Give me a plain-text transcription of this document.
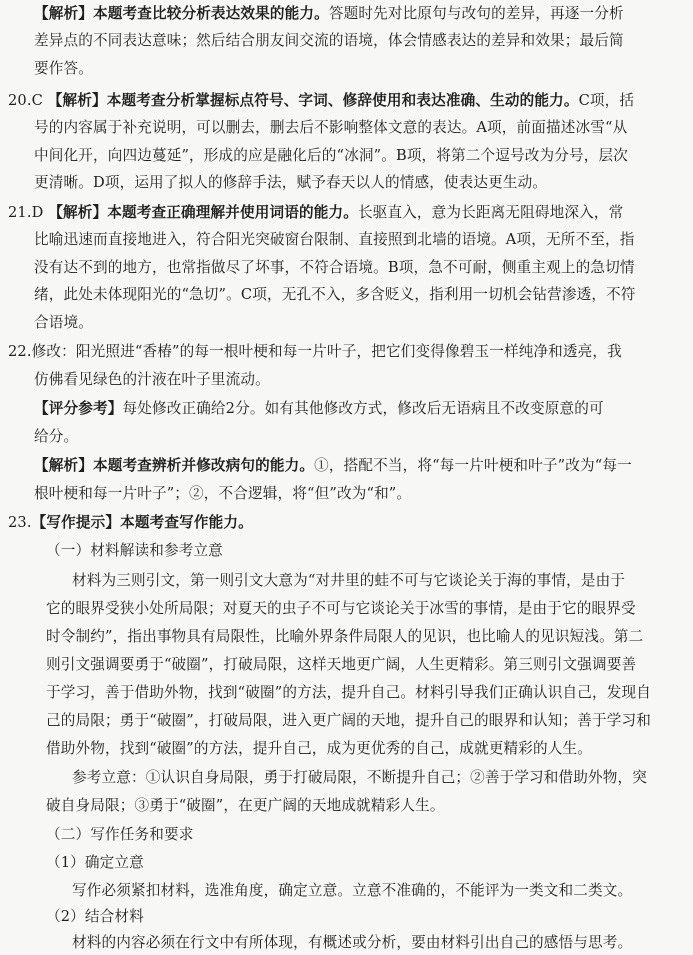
【解析】本题考查比较分析表达效果的能力。答题时先对比原句与改句的差异，再逐一分析
差异点的不同表达意味；然后结合朋友间交流的语境，体会情感表达的差异和效果；最后简
要作答。
20.C 【解析】本题考查分析掌握标点符号、字词、修辞使用和表达准确、生动的能力。C项，括
号的内容属于补充说明，可以删去，删去后不影响整体文意的表达。A项，前面描述冰雪“从
中间化开，向四边蔓延”，形成的应是融化后的“冰洞”。B项，将第二个逗号改为分号，层次
更清晰。D项，运用了拟人的修辞手法，赋予春天以人的情感，使表达更生动。
21.D 【解析】本题考查正确理解并使用词语的能力。长驱直入，意为长距离无阻碍地深入，常
比喻迅速而直接地进入，符合阳光突破窗台限制、直接照到北墙的语境。A项，无所不至，指
没有达不到的地方，也常指做尽了坏事，不符合语境。B项，急不可耐，侧重主观上的急切情
绪，此处未体现阳光的“急切”。C项，无孔不入，多含贬义，指利用一切机会钻营渗透，不符
合语境。
22.修改：阳光照进“香椿”的每一根叶梗和每一片叶子，把它们变得像碧玉一样纯净和透亮，我
仿佛看见绿色的汁液在叶子里流动。
【评分参考】每处修改正确给2分。如有其他修改方式，修改后无语病且不改变原意的可
给分。
【解析】本题考查辨析并修改病句的能力。①，搭配不当，将“每一片叶梗和叶子”改为“每一
根叶梗和每一片叶子”；②，不合逻辑，将“但”改为“和”。
23.【写作提示】本题考查写作能力。
（一）材料解读和参考立意
材料为三则引文，第一则引文大意为“对井里的蛙不可与它谈论关于海的事情，是由于
它的眼界受狭小处所局限；对夏天的虫子不可与它谈论关于冰雪的事情，是由于它的眼界受
时令制约”，指出事物具有局限性，比喻外界条件局限人的见识，也比喻人的见识短浅。第二
则引文强调要勇于“破圈”，打破局限，这样天地更广阔，人生更精彩。第三则引文强调要善
于学习，善于借助外物，找到“破圈”的方法，提升自己。材料引导我们正确认识自己，发现自
己的局限；勇于“破圈”，打破局限，进入更广阔的天地，提升自己的眼界和认知；善于学习和
借助外物，找到“破圈”的方法，提升自己，成为更优秀的自己，成就更精彩的人生。
参考立意：①认识自身局限，勇于打破局限，不断提升自己；②善于学习和借助外物，突
破自身局限；③勇于“破圈”，在更广阔的天地成就精彩人生。
（二）写作任务和要求
（1）确定立意
写作必须紧扣材料，选准角度，确定立意。立意不准确的，不能评为一类文和二类文。
（2）结合材料
材料的内容必须在行文中有所体现，有概述或分析，要由材料引出自己的感悟与思考。
